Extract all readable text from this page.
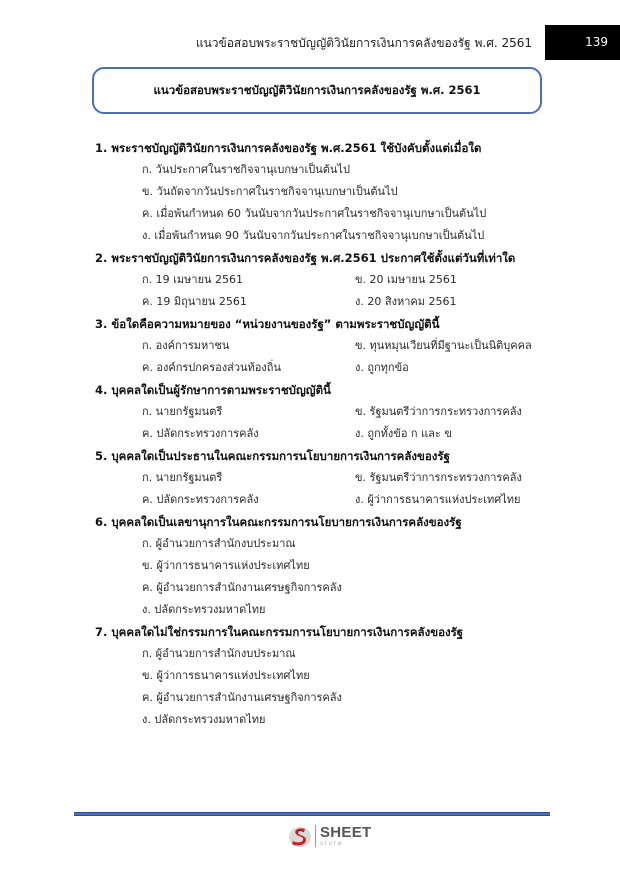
แนวข้อสอบพระราชบัญญัติวินัยการเงินการคลังของรัฐ พ.ศ. 2561	139
แนวข้อสอบพระราชบัญญัติวินัยการเงินการคลังของรัฐ พ.ศ. 2561
1. พระราชบัญญัติวินัยการเงินการคลังของรัฐ พ.ศ.2561 ใช้บังคับตั้งแต่เมื่อใด
ก. วันประกาศในราชกิจจานุเบกษาเป็นต้นไป
ข. วันถัดจากวันประกาศในราชกิจจานุเบกษาเป็นต้นไป
ค. เมื่อพ้นกำหนด 60 วันนับจากวันประกาศในราชกิจจานุเบกษาเป็นต้นไป
ง. เมื่อพ้นกำหนด 90 วันนับจากวันประกาศในราชกิจจานุเบกษาเป็นต้นไป
2. พระราชบัญญัติวินัยการเงินการคลังของรัฐ พ.ศ.2561 ประกาศใช้ตั้งแต่วันที่เท่าใด
ก. 19 เมษายน 2561	ข. 20 เมษายน 2561
ค. 19 มิถุนายน 2561	ง. 20 สิงหาคม 2561
3. ข้อใดคือความหมายของ “หน่วยงานของรัฐ” ตามพระราชบัญญัตินี้
ก. องค์การมหาชน	ข. ทุนหมุนเวียนที่มีฐานะเป็นนิติบุคคล
ค. องค์กรปกครองส่วนท้องถิ่น	ง. ถูกทุกข้อ
4. บุคคลใดเป็นผู้รักษาการตามพระราชบัญญัตินี้
ก. นายกรัฐมนตรี	ข. รัฐมนตรีว่าการกระทรวงการคลัง
ค. ปลัดกระทรวงการคลัง	ง. ถูกทั้งข้อ ก และ ข
5. บุคคลใดเป็นประธานในคณะกรรมการนโยบายการเงินการคลังของรัฐ
ก. นายกรัฐมนตรี	ข. รัฐมนตรีว่าการกระทรวงการคลัง
ค. ปลัดกระทรวงการคลัง	ง. ผู้ว่าการธนาคารแห่งประเทศไทย
6. บุคคลใดเป็นเลขานุการในคณะกรรมการนโยบายการเงินการคลังของรัฐ
ก. ผู้อำนวยการสำนักงบประมาณ
ข. ผู้ว่าการธนาคารแห่งประเทศไทย
ค. ผู้อำนวยการสำนักงานเศรษฐกิจการคลัง
ง. ปลัดกระทรวงมหาดไทย
7. บุคคลใดไม่ใช่กรรมการในคณะกรรมการนโยบายการเงินการคลังของรัฐ
ก. ผู้อำนวยการสำนักงบประมาณ
ข. ผู้ว่าการธนาคารแห่งประเทศไทย
ค. ผู้อำนวยการสำนักงานเศรษฐกิจการคลัง
ง. ปลัดกระทรวงมหาดไทย
SHEET
store
